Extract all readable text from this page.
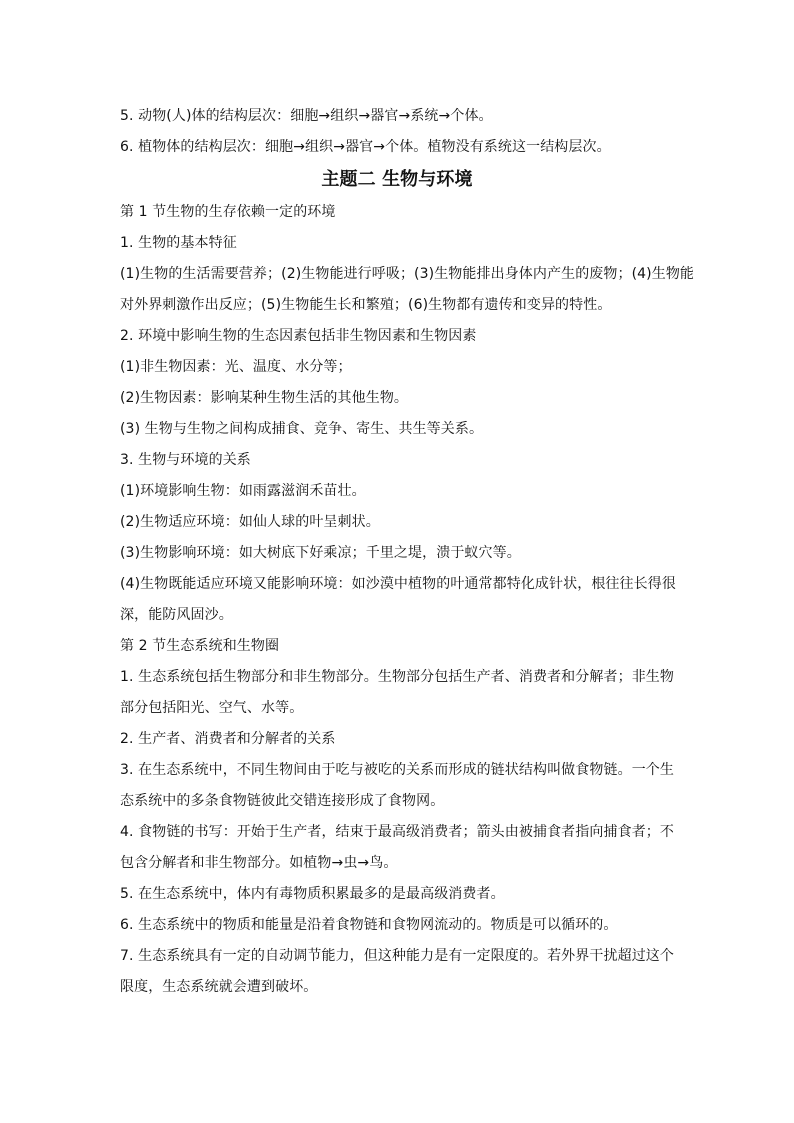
5. 动物(人)体的结构层次：细胞→组织→器官→系统→个体。
6. 植物体的结构层次：细胞→组织→器官→个体。植物没有系统这一结构层次。
主题二 生物与环境
第 1 节生物的生存依赖一定的环境
1. 生物的基本特征
(1)生物的生活需要营养；(2)生物能进行呼吸；(3)生物能排出身体内产生的废物；(4)生物能
对外界刺激作出反应；(5)生物能生长和繁殖；(6)生物都有遗传和变异的特性。
2. 环境中影响生物的生态因素包括非生物因素和生物因素
(1)非生物因素：光、温度、水分等；
(2)生物因素：影响某种生物生活的其他生物。
(3) 生物与生物之间构成捕食、竞争、寄生、共生等关系。
3. 生物与环境的关系
(1)环境影响生物：如雨露滋润禾苗壮。
(2)生物适应环境：如仙人球的叶呈刺状。
(3)生物影响环境：如大树底下好乘凉；千里之堤，溃于蚁穴等。
(4)生物既能适应环境又能影响环境：如沙漠中植物的叶通常都特化成针状，根往往长得很
深，能防风固沙。
第 2 节生态系统和生物圈
1. 生态系统包括生物部分和非生物部分。生物部分包括生产者、消费者和分解者；非生物
部分包括阳光、空气、水等。
2. 生产者、消费者和分解者的关系
3. 在生态系统中，不同生物间由于吃与被吃的关系而形成的链状结构叫做食物链。一个生
态系统中的多条食物链彼此交错连接形成了食物网。
4. 食物链的书写：开始于生产者，结束于最高级消费者；箭头由被捕食者指向捕食者；不
包含分解者和非生物部分。如植物→虫→鸟。
5. 在生态系统中，体内有毒物质积累最多的是最高级消费者。
6. 生态系统中的物质和能量是沿着食物链和食物网流动的。物质是可以循环的。
7. 生态系统具有一定的自动调节能力，但这种能力是有一定限度的。若外界干扰超过这个
限度，生态系统就会遭到破坏。
